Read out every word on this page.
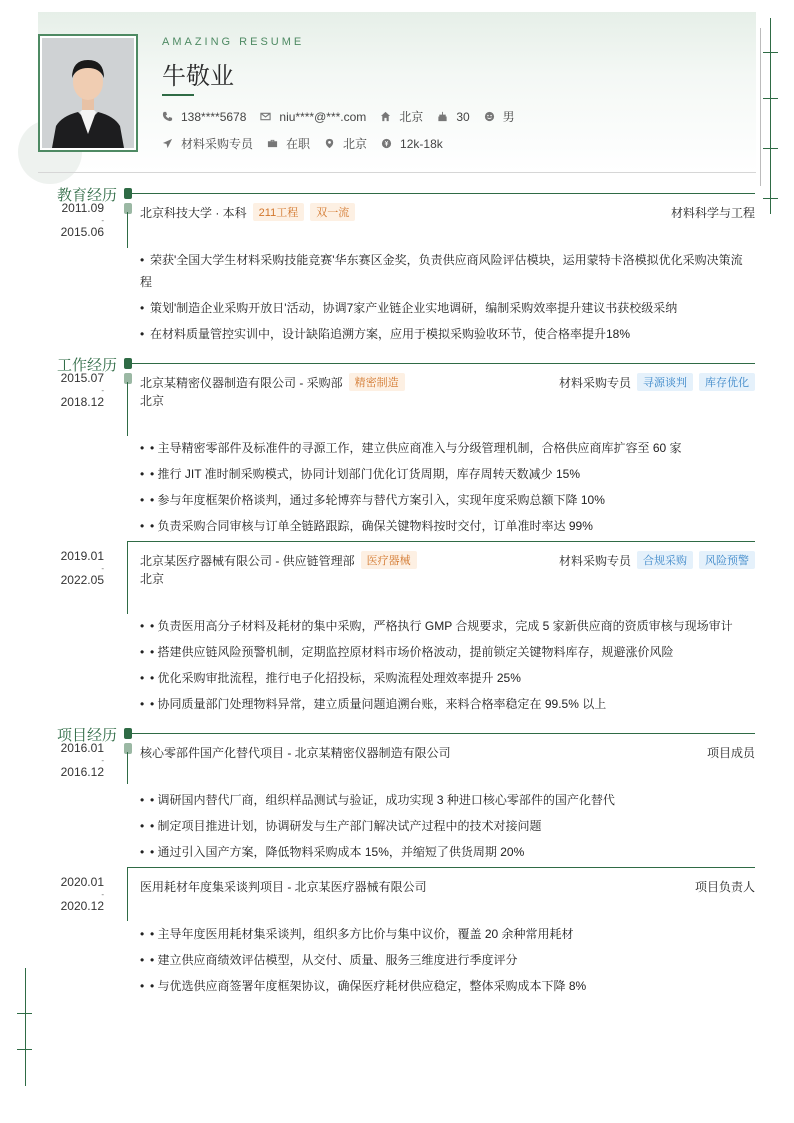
AMAZING RESUME
牛敬业
138****5678	niu****@***.com	北京	30	男
材料采购专员	在职	北京	12k-18k
教育经历
2011.09
-
2015.06
北京科技大学 · 本科	211工程	双一流	材料科学与工程
• 荣获'全国大学生材料采购技能竞赛'华东赛区金奖，负责供应商风险评估模块，运用蒙特卡洛模拟优化采购决策流程
• 策划'制造企业采购开放日'活动，协调7家产业链企业实地调研，编制采购效率提升建议书获校级采纳
• 在材料质量管控实训中，设计缺陷追溯方案，应用于模拟采购验收环节，使合格率提升18%
工作经历
2015.07
-
2018.12
北京某精密仪器制造有限公司 - 采购部	精密制造	材料采购专员	寻源谈判	库存优化
北京
• • 主导精密零部件及标准件的寻源工作，建立供应商准入与分级管理机制，合格供应商库扩容至 60 家
• • 推行 JIT 准时制采购模式，协同计划部门优化订货周期，库存周转天数减少 15%
• • 参与年度框架价格谈判，通过多轮博弈与替代方案引入，实现年度采购总额下降 10%
• • 负责采购合同审核与订单全链路跟踪，确保关键物料按时交付，订单准时率达 99%
2019.01
-
2022.05
北京某医疗器械有限公司 - 供应链管理部	医疗器械	材料采购专员	合规采购	风险预警
北京
• • 负责医用高分子材料及耗材的集中采购，严格执行 GMP 合规要求，完成 5 家新供应商的资质审核与现场审计
• • 搭建供应链风险预警机制，定期监控原材料市场价格波动，提前锁定关键物料库存，规避涨价风险
• • 优化采购审批流程，推行电子化招投标，采购流程处理效率提升 25%
• • 协同质量部门处理物料异常，建立质量问题追溯台账，来料合格率稳定在 99.5% 以上
项目经历
2016.01
-
2016.12
核心零部件国产化替代项目 - 北京某精密仪器制造有限公司	项目成员
• • 调研国内替代厂商，组织样品测试与验证，成功实现 3 种进口核心零部件的国产化替代
• • 制定项目推进计划，协调研发与生产部门解决试产过程中的技术对接问题
• • 通过引入国产方案，降低物料采购成本 15%，并缩短了供货周期 20%
2020.01
-
2020.12
医用耗材年度集采谈判项目 - 北京某医疗器械有限公司	项目负责人
• • 主导年度医用耗材集采谈判，组织多方比价与集中议价，覆盖 20 余种常用耗材
• • 建立供应商绩效评估模型，从交付、质量、服务三维度进行季度评分
• • 与优选供应商签署年度框架协议，确保医疗耗材供应稳定，整体采购成本下降 8%
